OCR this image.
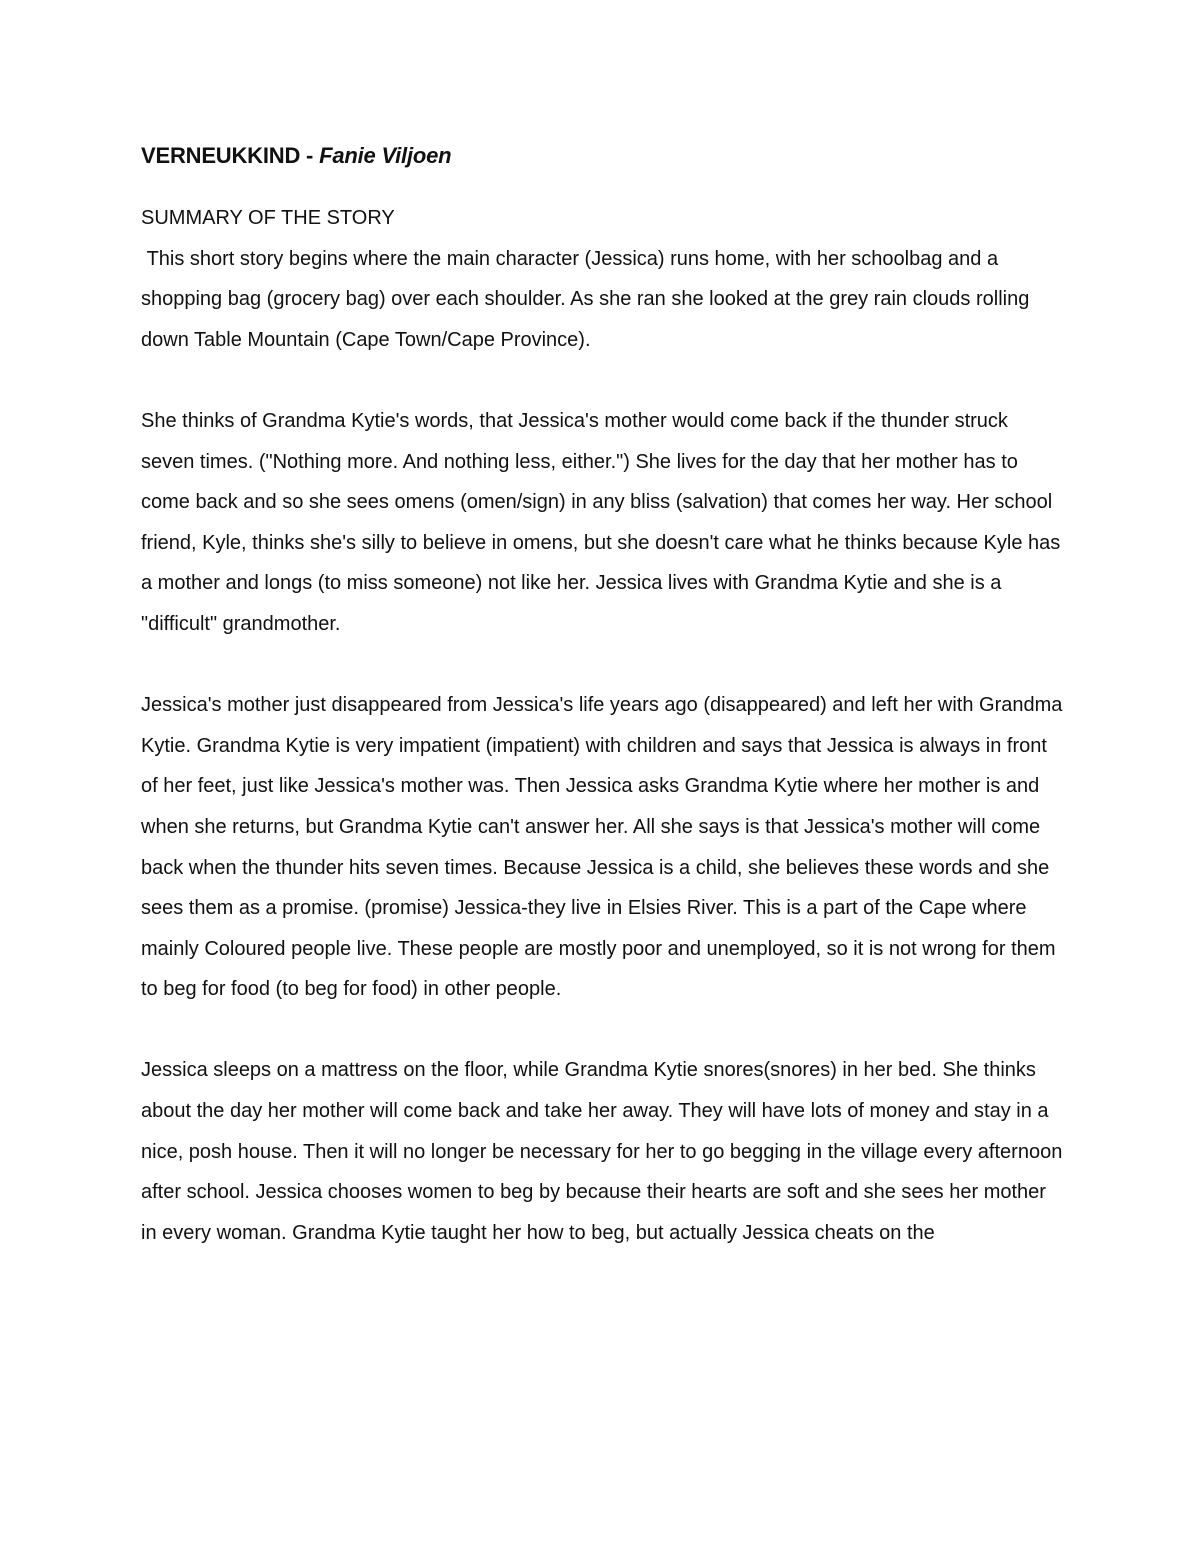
VERNEUKKIND - Fanie Viljoen
SUMMARY OF THE STORY

This short story begins where the main character (Jessica) runs home, with her schoolbag and a shopping bag (grocery bag) over each shoulder. As she ran she looked at the grey rain clouds rolling down Table Mountain (Cape Town/Cape Province).

She thinks of Grandma Kytie's words, that Jessica's mother would come back if the thunder struck seven times. ("Nothing more. And nothing less, either.") She lives for the day that her mother has to come back and so she sees omens (omen/sign) in any bliss (salvation) that comes her way. Her school friend, Kyle, thinks she's silly to believe in omens, but she doesn't care what he thinks because Kyle has a mother and longs (to miss someone) not like her. Jessica lives with Grandma Kytie and she is a "difficult" grandmother.

Jessica's mother just disappeared from Jessica's life years ago (disappeared) and left her with Grandma Kytie. Grandma Kytie is very impatient (impatient) with children and says that Jessica is always in front of her feet, just like Jessica's mother was. Then Jessica asks Grandma Kytie where her mother is and when she returns, but Grandma Kytie can't answer her. All she says is that Jessica's mother will come back when the thunder hits seven times. Because Jessica is a child, she believes these words and she sees them as a promise. (promise) Jessica-they live in Elsies River. This is a part of the Cape where mainly Coloured people live. These people are mostly poor and unemployed, so it is not wrong for them to beg for food (to beg for food) in other people.

Jessica sleeps on a mattress on the floor, while Grandma Kytie snores(snores) in her bed. She thinks about the day her mother will come back and take her away. They will have lots of money and stay in a nice, posh house. Then it will no longer be necessary for her to go begging in the village every afternoon after school. Jessica chooses women to beg by because their hearts are soft and she sees her mother in every woman. Grandma Kytie taught her how to beg, but actually Jessica cheats on the
